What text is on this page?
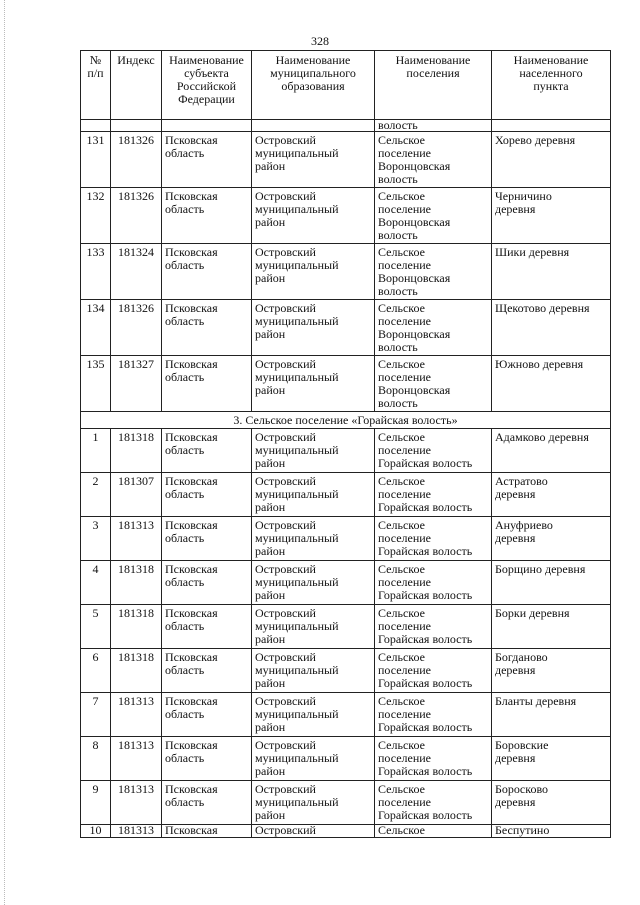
328
№
п/п	Индекс	Наименование
субъекта
Российской
Федерации	Наименование
муниципального
образования	Наименование
поселения	Наименование
населенного
пункта

				волость	

131	181326	Псковская
область	Островский
муниципальный
район	Сельское
поселение
Воронцовская
волость	Хорево деревня

132	181326	Псковская
область	Островский
муниципальный
район	Сельское
поселение
Воронцовская
волость	Черничино
деревня

133	181324	Псковская
область	Островский
муниципальный
район	Сельское
поселение
Воронцовская
волость	Шики деревня

134	181326	Псковская
область	Островский
муниципальный
район	Сельское
поселение
Воронцовская
волость	Щекотово деревня

135	181327	Псковская
область	Островский
муниципальный
район	Сельское
поселение
Воронцовская
волость	Южново деревня

3. Сельское поселение «Горайская волость»					

1	181318	Псковская
область	Островский
муниципальный
район	Сельское
поселение
Горайская волость	Адамково деревня

2	181307	Псковская
область	Островский
муниципальный
район	Сельское
поселение
Горайская волость	Астратово
деревня

3	181313	Псковская
область	Островский
муниципальный
район	Сельское
поселение
Горайская волость	Ануфриево
деревня

4	181318	Псковская
область	Островский
муниципальный
район	Сельское
поселение
Горайская волость	Борщино деревня

5	181318	Псковская
область	Островский
муниципальный
район	Сельское
поселение
Горайская волость	Борки деревня

6	181318	Псковская
область	Островский
муниципальный
район	Сельское
поселение
Горайская волость	Богданово
деревня

7	181313	Псковская
область	Островский
муниципальный
район	Сельское
поселение
Горайская волость	Бланты деревня

8	181313	Псковская
область	Островский
муниципальный
район	Сельское
поселение
Горайская волость	Боровские
деревня

9	181313	Псковская
область	Островский
муниципальный
район	Сельское
поселение
Горайская волость	Бороcково
деревня

10	181313	Псковская	Островский	Сельское	Беспутино
